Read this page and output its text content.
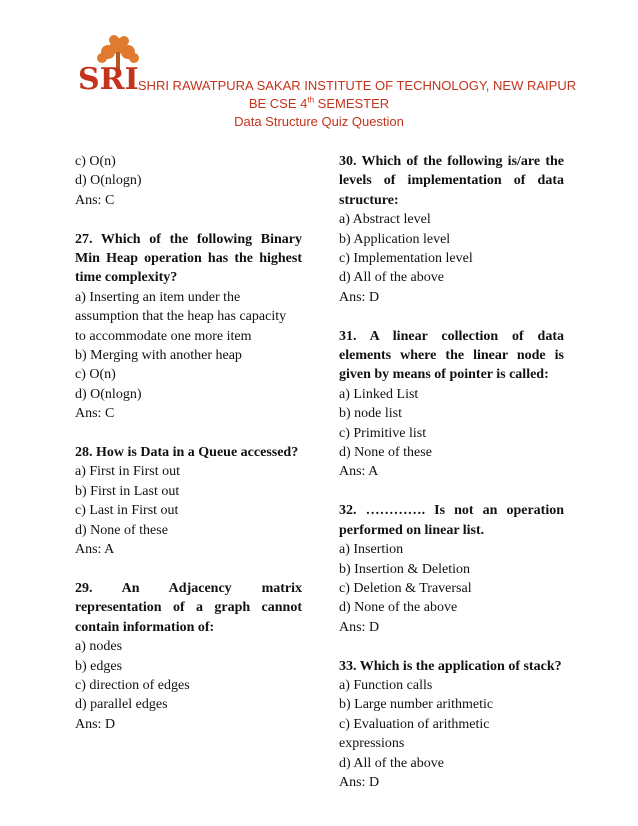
SRI SHRI RAWATPURA SAKAR INSTITUTE OF TECHNOLOGY, NEW RAIPUR
BE CSE 4th SEMESTER
Data Structure Quiz Question
c) O(n)
d) O(nlogn)
Ans: C
27. Which of the following Binary Min Heap operation has the highest time complexity?
a) Inserting an item under the
assumption that the heap has capacity
to accommodate one more item
b) Merging with another heap
c) O(n)
d) O(nlogn)
Ans: C
28. How is Data in a Queue accessed?
a) First in First out
b) First in Last out
c) Last in First out
d) None of these
Ans: A
29. An Adjacency matrix representation of a graph cannot contain information of:
a) nodes
b) edges
c) direction of edges
d) parallel edges
Ans: D
30. Which of the following is/are the levels of implementation of data structure:
a) Abstract level
b) Application level
c) Implementation level
d) All of the above
Ans: D
31. A linear collection of data elements where the linear node is given by means of pointer is called:
a) Linked List
b) node list
c) Primitive list
d) None of these
Ans: A
32. …………. Is not an operation performed on linear list.
a) Insertion
b) Insertion & Deletion
c) Deletion & Traversal
d) None of the above
Ans: D
33. Which is the application of stack?
a) Function calls
b) Large number arithmetic
c) Evaluation of arithmetic
expressions
d) All of the above
Ans: D
